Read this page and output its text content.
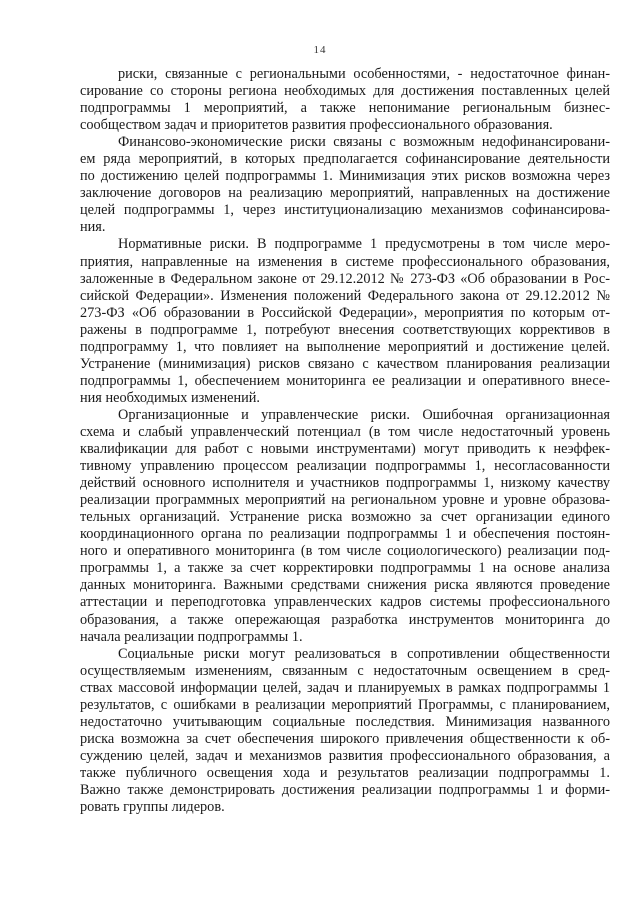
14
риски, связанные с региональными особенностями, - недостаточное финан-
сирование со стороны региона необходимых для достижения поставленных целей
подпрограммы 1 мероприятий, а также непонимание региональным бизнес-
сообществом задач и приоритетов развития профессионального образования.
Финансово-экономические риски связаны с возможным недофинансировани-
ем ряда мероприятий, в которых предполагается софинансирование деятельности
по достижению целей подпрограммы 1. Минимизация этих рисков возможна через
заключение договоров на реализацию мероприятий, направленных на достижение
целей подпрограммы 1, через институционализацию механизмов софинансирова-
ния.
Нормативные риски. В подпрограмме 1 предусмотрены в том числе меро-
приятия, направленные на изменения в системе профессионального образования,
заложенные в Федеральном законе от 29.12.2012 № 273-ФЗ «Об образовании в Рос-
сийской Федерации». Изменения положений Федерального закона от 29.12.2012 №
273-ФЗ «Об образовании в Российской Федерации», мероприятия по которым от-
ражены в подпрограмме 1, потребуют внесения соответствующих коррективов в
подпрограмму 1, что повлияет на выполнение мероприятий и достижение целей.
Устранение (минимизация) рисков связано с качеством планирования реализации
подпрограммы 1, обеспечением мониторинга ее реализации и оперативного внесе-
ния необходимых изменений.
Организационные и управленческие риски. Ошибочная организационная
схема и слабый управленческий потенциал (в том числе недостаточный уровень
квалификации для работ с новыми инструментами) могут приводить к неэффек-
тивному управлению процессом реализации подпрограммы 1, несогласованности
действий основного исполнителя и участников подпрограммы 1, низкому качеству
реализации программных мероприятий на региональном уровне и уровне образова-
тельных организаций. Устранение риска возможно за счет организации единого
координационного органа по реализации подпрограммы 1 и обеспечения постоян-
ного и оперативного мониторинга (в том числе социологического) реализации под-
программы 1, а также за счет корректировки подпрограммы 1 на основе анализа
данных мониторинга. Важными средствами снижения риска являются проведение
аттестации и переподготовка управленческих кадров системы профессионального
образования, а также опережающая разработка инструментов мониторинга до
начала реализации подпрограммы 1.
Социальные риски могут реализоваться в сопротивлении общественности
осуществляемым изменениям, связанным с недостаточным освещением в сред-
ствах массовой информации целей, задач и планируемых в рамках подпрограммы 1
результатов, с ошибками в реализации мероприятий Программы, с планированием,
недостаточно учитывающим социальные последствия. Минимизация названного
риска возможна за счет обеспечения широкого привлечения общественности к об-
суждению целей, задач и механизмов развития профессионального образования, а
также публичного освещения хода и результатов реализации подпрограммы 1.
Важно также демонстрировать достижения реализации подпрограммы 1 и форми-
ровать группы лидеров.
